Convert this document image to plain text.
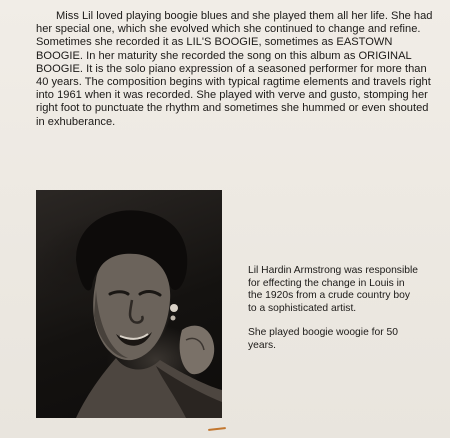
Miss Lil loved playing boogie blues and she played them all her life. She had her special one, which she evolved which she continued to change and refine. Sometimes she recorded it as LIL'S BOOGIE, sometimes as EASTOWN BOOGIE. In her maturity she recorded the song on this album as ORIGINAL BOOGIE. It is the solo piano expression of a seasoned performer for more than 40 years. The composition begins with typical ragtime elements and travels right into 1961 when it was recorded. She played with verve and gusto, stomping her right foot to punctuate the rhythm and sometimes she hummed or even shouted in exhuberance.

Lil Hardin Armstrong was responsible for effecting the change in Louis in the 1920s from a crude country boy to a sophisticated artist.

She played boogie woogie for 50 years.
